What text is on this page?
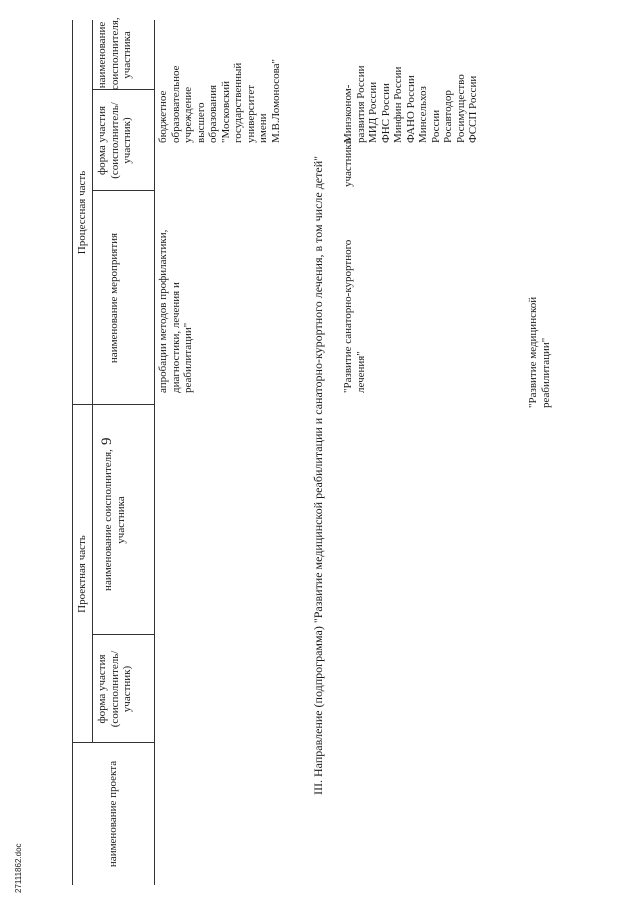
9
Проектная часть
Процессная часть
наименование проекта
форма участия (соисполнитель/ участник)
наименование соисполнителя, участника
наименование мероприятия
форма участия (соисполнитель/ участник)
наименование соисполнителя, участника
апробации методов профилактики, диагностики, лечения и реабилитации"
бюджетное образовательное учреждение высшего образования "Московский государственный университет имени М.В.Ломоносова"
III. Направление (подпрограмма) "Развитие медицинской реабилитации и санаторно-курортного лечения, в том числе детей" "Развитие санаторно-курортного лечения"
участники
Минэконом- развития России МИД России ФНС России Минфин России ФАНО России Минсельхоз России Росавтодор Росимущество ФССП России
"Развитие медицинской реабилитации"
27111862.doc
